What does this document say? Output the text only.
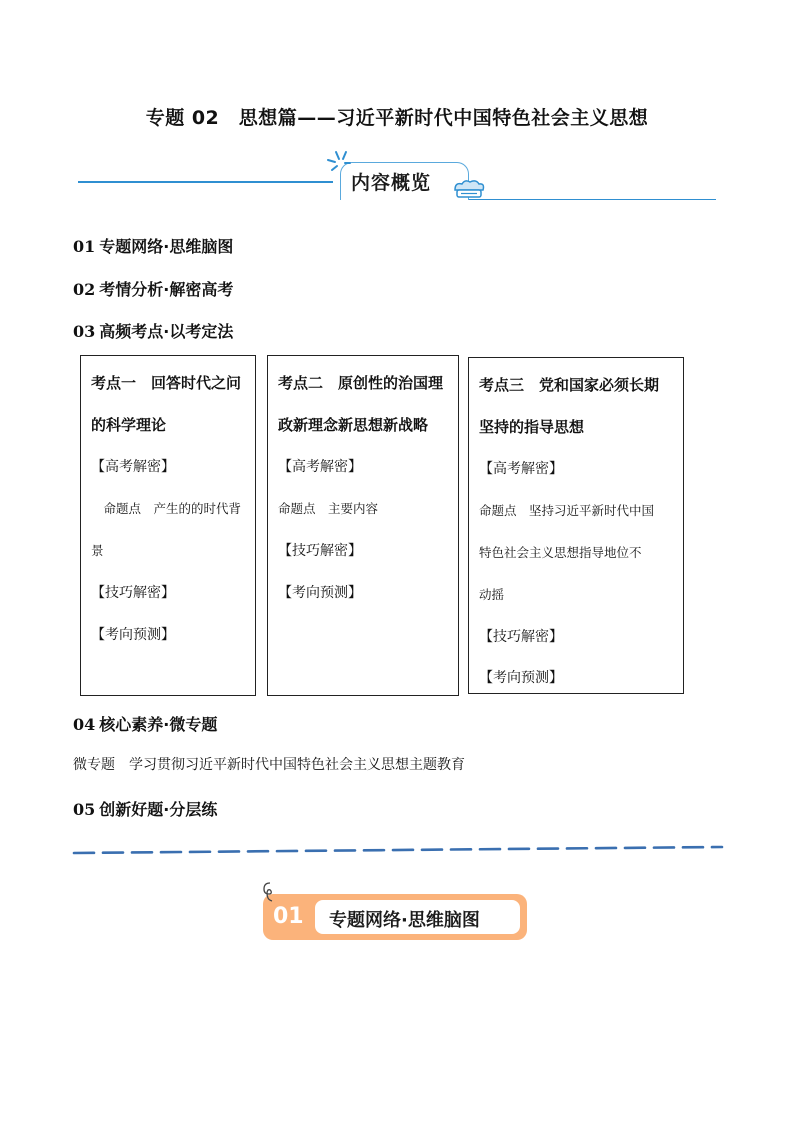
专题 02　思想篇——习近平新时代中国特色社会主义思想
内容概览
01 专题网络·思维脑图
02 考情分析·解密高考
03 高频考点·以考定法
考点一　回答时代之问
的科学理论
【高考解密】
　命题点　产生的的时代背
景
【技巧解密】
【考向预测】
考点二　原创性的治国理
政新理念新思想新战略
【高考解密】
命题点　主要内容
【技巧解密】
【考向预测】
考点三　党和国家必须长期
坚持的指导思想
【高考解密】
命题点　坚持习近平新时代中国
特色社会主义思想指导地位不
动摇
【技巧解密】
【考向预测】
04 核心素养·微专题
微专题　学习贯彻习近平新时代中国特色社会主义思想主题教育
05 创新好题·分层练
01 专题网络·思维脑图
